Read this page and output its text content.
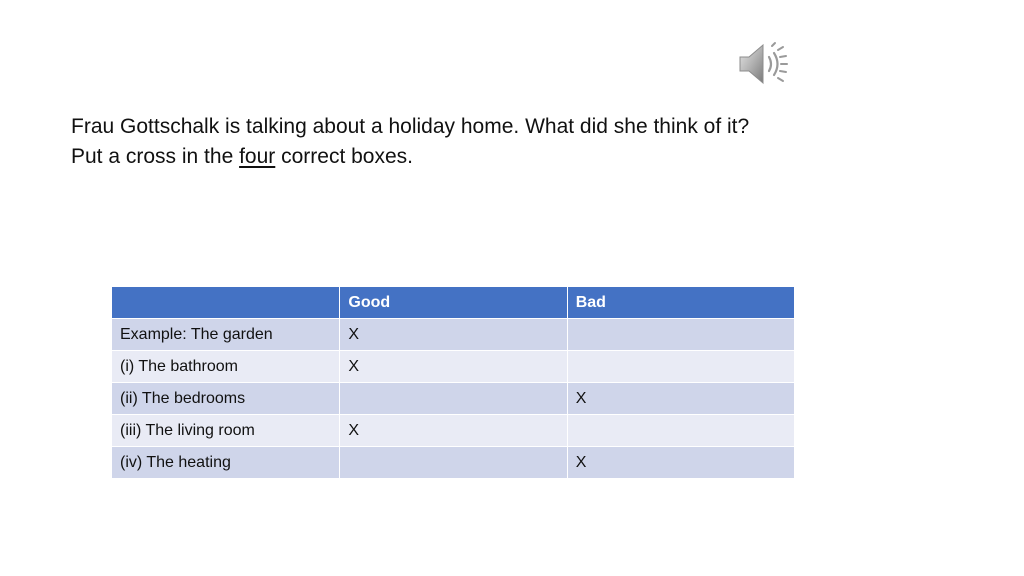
Frau Gottschalk is talking about a holiday home. What did she think of it?

Put a cross in the four correct boxes.

	Good	Bad
Example: The garden	X	
(i) The bathroom	X	
(ii) The bedrooms		X
(iii) The living room	X	
(iv) The heating		X
